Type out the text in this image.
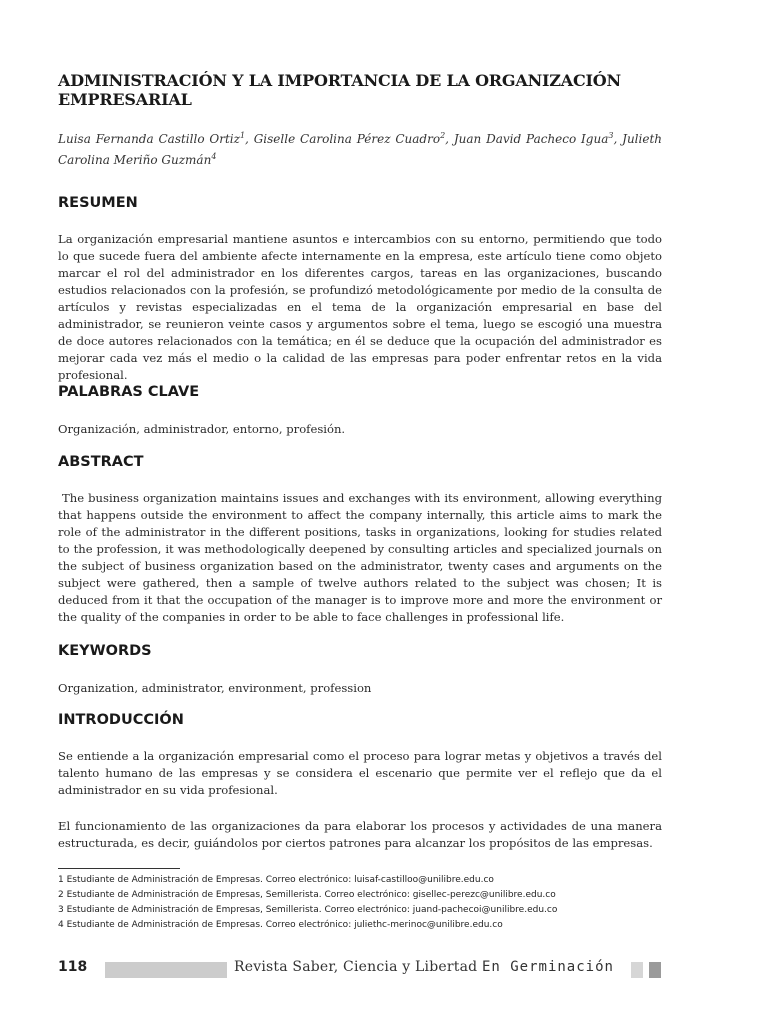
ADMINISTRACIÓN Y LA IMPORTANCIA DE LA ORGANIZACIÓN EMPRESARIAL

Luisa Fernanda Castillo Ortiz$^1$, Giselle Carolina Pérez Cuadro$^2$, Juan David Pacheco Igua$^3$, Julieth Carolina Meriño Guzmán$^4$

RESUMEN

La organización empresarial mantiene asuntos e intercambios con su entorno, permitiendo que todo lo que sucede fuera del ambiente afecte internamente en la empresa, este artículo tiene como objeto marcar el rol del administrador en los diferentes cargos, tareas en las organizaciones, buscando estudios relacionados con la profesión, se profundizó metodológicamente por medio de la consulta de artículos y revistas especializadas en el tema de la organización empresarial en base del administrador, se reunieron veinte casos y argumentos sobre el tema, luego se escogió una muestra de doce autores relacionados con la temática; en él se deduce que la ocupación del administrador es mejorar cada vez más el medio o la calidad de las empresas para poder enfrentar retos en la vida profesional.

PALABRAS CLAVE

Organización, administrador, entorno, profesión.

ABSTRACT

The business organization maintains issues and exchanges with its environment, allowing everything that happens outside the environment to affect the company internally, this article aims to mark the role of the administrator in the different positions, tasks in organizations, looking for studies related to the profession, it was methodologically deepened by consulting articles and specialized journals on the subject of business organization based on the administrator, twenty cases and arguments on the subject were gathered, then a sample of twelve authors related to the subject was chosen; It is deduced from it that the occupation of the manager is to improve more and more the environment or the quality of the companies in order to be able to face challenges in professional life.

KEYWORDS

Organization, administrator, environment, profession

INTRODUCCIÓN

Se entiende a la organización empresarial como el proceso para lograr metas y objetivos a través del talento humano de las empresas y se considera el escenario que permite ver el reflejo que da el administrador en su vida profesional.

El funcionamiento de las organizaciones da para elaborar los procesos y actividades de una manera estructurada, es decir, guiándolos por ciertos patrones para alcanzar los propósitos de las empresas.

1 Estudiante de Administración de Empresas. Correo electrónico: luisaf-castilloo@unilibre.edu.co
2 Estudiante de Administración de Empresas, Semillerista. Correo electrónico: gisellec-perezc@unilibre.edu.co
3 Estudiante de Administración de Empresas, Semillerista. Correo electrónico: juand-pachecoi@unilibre.edu.co
4 Estudiante de Administración de Empresas. Correo electrónico: juliethc-merinoc@unilibre.edu.co
118	Revista Saber, Ciencia y Libertad En Germinación
